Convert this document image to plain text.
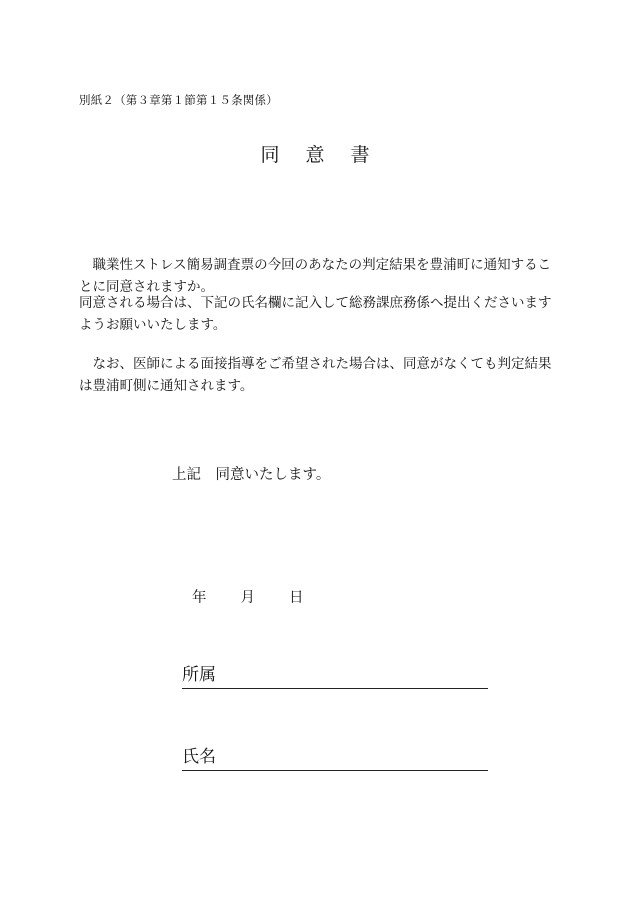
別紙２（第３章第１節第１５条関係）
同 意 書

職業性ストレス簡易調査票の今回のあなたの判定結果を豊浦町に通知することに同意されますか。

同意される場合は、下記の氏名欄に記入して総務課庶務係へ提出くださいますようお願いいたします。

なお、医師による面接指導をご希望された場合は、同意がなくても判定結果は豊浦町側に通知されます。

上記　同意いたします。
年 月 日
所属
氏名
